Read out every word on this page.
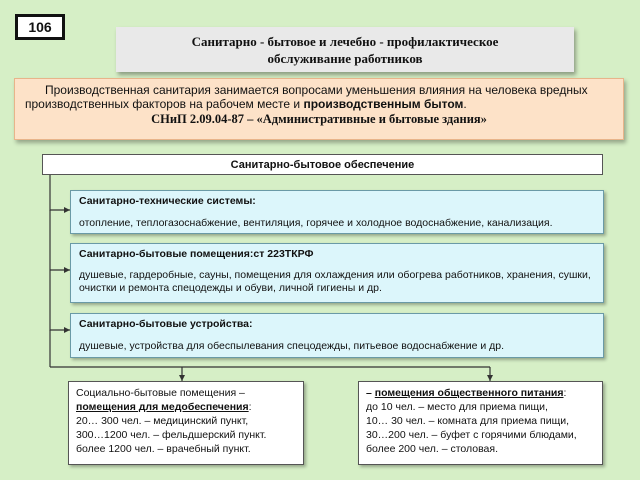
106
Санитарно - бытовое и лечебно - профилактическое
обслуживание работников
Производственная санитария занимается вопросами уменьшения влияния на человека вредных производственных факторов на рабочем месте и производственным бытом.
СНиП 2.09.04-87 – «Административные и бытовые здания»
Санитарно-бытовое обеспечение
Санитарно-технические системы:
отопление, теплогазоснабжение, вентиляция, горячее и холодное водоснабжение, канализация.
Санитарно-бытовые помещения:ст 223ТКРФ
душевые, гардеробные, сауны, помещения для охлаждения или обогрева работников, хранения, сушки, очистки и ремонта спецодежды и обуви, личной гигиены и др.
Санитарно-бытовые устройства:
душевые, устройства для обеспылевания спецодежды, питьевое водоснабжение и др.
Социально-бытовые помещения –
помещения для медобеспечения:
20… 300 чел. – медицинский пункт,
300…1200 чел. – фельдшерский пункт.
более 1200 чел. – врачебный пункт.
– помещения общественного питания:
до 10 чел. – место для приема пищи,
10… 30 чел. – комната для приема пищи,
30…200 чел. – буфет с горячими блюдами,
более 200 чел. – столовая.
